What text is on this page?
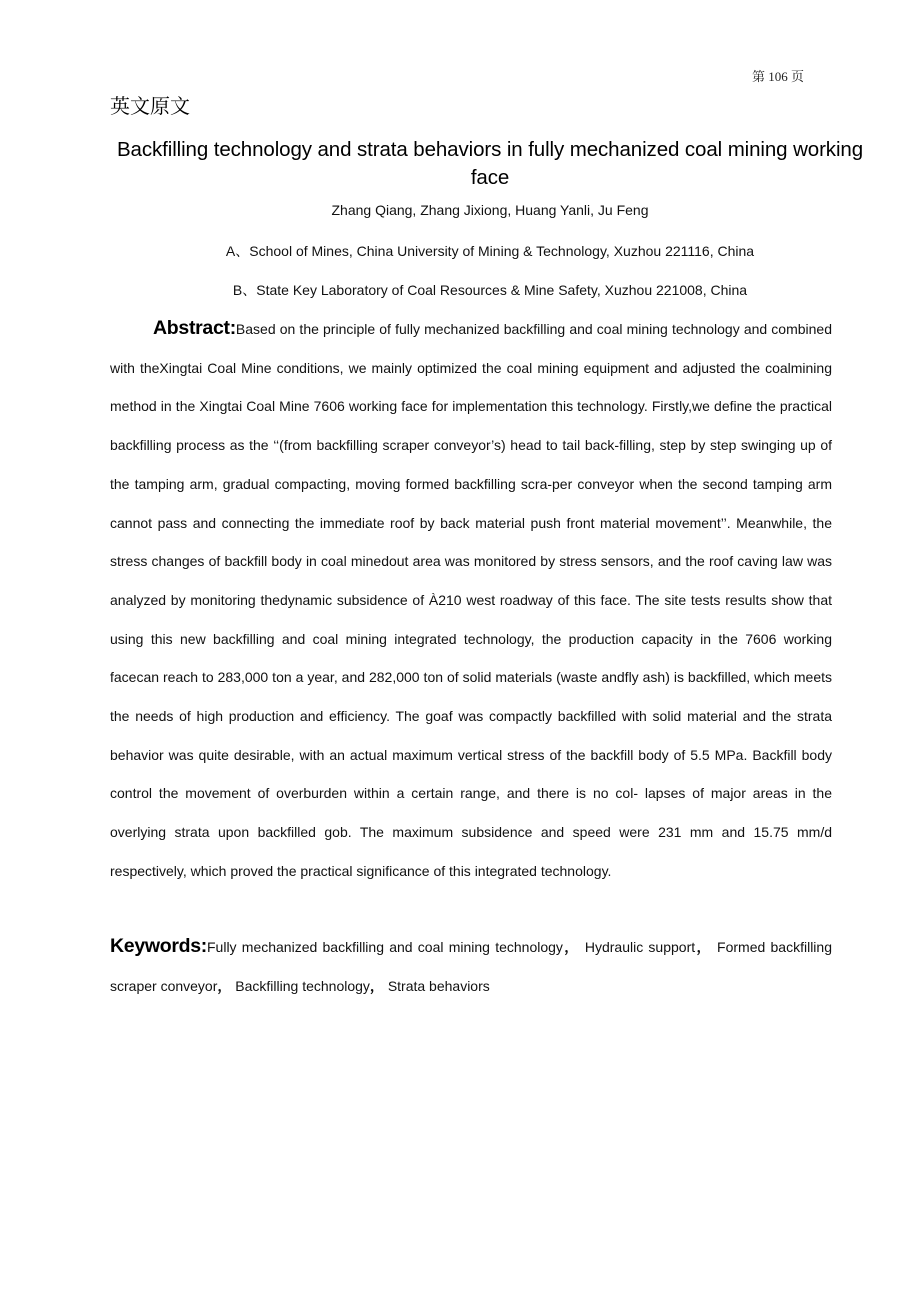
第 106 页
英文原文
Backfilling technology and strata behaviors in fully mechanized coal mining working face
Zhang Qiang, Zhang Jixiong, Huang Yanli, Ju Feng
A、School of Mines, China University of Mining & Technology, Xuzhou 221116, China
B、State Key Laboratory of Coal Resources & Mine Safety, Xuzhou 221008, China
Abstract:Based on the principle of fully mechanized backfilling and coal mining technology and combined with theXingtai Coal Mine conditions, we mainly optimized the coal mining equipment and adjusted the coalmining method in the Xingtai Coal Mine 7606 working face for implementation this technology. Firstly,we define the practical backfilling process as the ‘‘(from backfilling scraper conveyor’s) head to tail back-filling, step by step swinging up of the tamping arm, gradual compacting, moving formed backfilling scra-per conveyor when the second tamping arm cannot pass and connecting the immediate roof by back material push front material movement’’. Meanwhile, the stress changes of backfill body in coal minedout area was monitored by stress sensors, and the roof caving law was analyzed by monitoring thedynamic subsidence of À210 west roadway of this face. The site tests results show that using this new backfilling and coal mining integrated technology, the production capacity in the 7606 working facecan reach to 283,000 ton a year, and 282,000 ton of solid materials (waste andfly ash) is backfilled, which meets the needs of high production and efficiency. The goaf was compactly backfilled with solid material and the strata behavior was quite desirable, with an actual maximum vertical stress of the backfill body of 5.5 MPa. Backfill body control the movement of overburden within a certain range, and there is no col- lapses of major areas in the overlying strata upon backfilled gob. The maximum subsidence and speed were 231 mm and 15.75 mm/d respectively, which proved the practical significance of this integrated technology.
Keywords:Fully mechanized backfilling and coal mining technology， Hydraulic support， Formed backfilling scraper conveyor， Backfilling technology， Strata behaviors
